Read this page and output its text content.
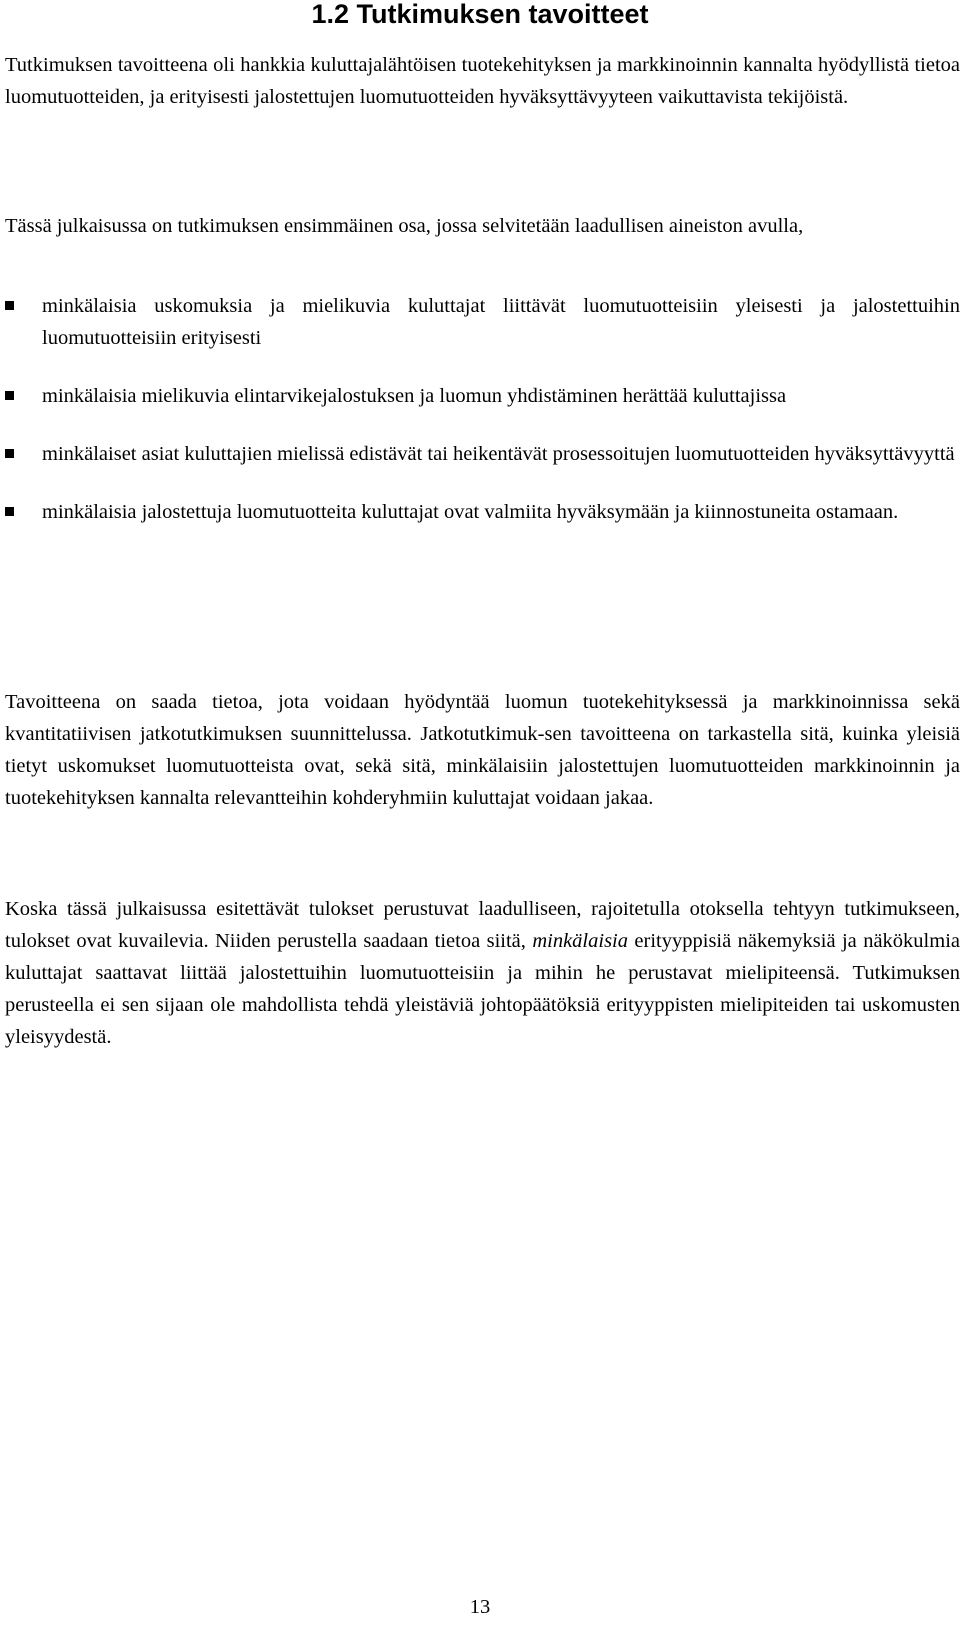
1.2 Tutkimuksen tavoitteet

Tutkimuksen tavoitteena oli hankkia kuluttajalähtöisen tuotekehityksen ja markkinoinnin kannalta hyödyllistä tietoa luomutuotteiden, ja erityisesti jalostettujen luomutuotteiden hyväksyttävyyteen vaikuttavista tekijöistä.

Tässä julkaisussa on tutkimuksen ensimmäinen osa, jossa selvitetään laadullisen aineiston avulla,

minkälaisia uskomuksia ja mielikuvia kuluttajat liittävät luomutuotteisiin yleisesti ja jalostettuihin luomutuotteisiin erityisesti
minkälaisia mielikuvia elintarvikejalostuksen ja luomun yhdistäminen herättää kuluttajissa
minkälaiset asiat kuluttajien mielissä edistävät tai heikentävät prosessoitujen luomutuotteiden hyväksyttävyyttä
minkälaisia jalostettuja luomutuotteita kuluttajat ovat valmiita hyväksymään ja kiinnostuneita ostamaan.

Tavoitteena on saada tietoa, jota voidaan hyödyntää luomun tuotekehityksessä ja markkinoinnissa sekä kvantitatiivisen jatkotutkimuksen suunnittelussa. Jatkotutkimuk-sen tavoitteena on tarkastella sitä, kuinka yleisiä tietyt uskomukset luomutuotteista ovat, sekä sitä, minkälaisiin jalostettujen luomutuotteiden markkinoinnin ja tuotekehityksen kannalta relevantteihin kohderyhmiin kuluttajat voidaan jakaa.

Koska tässä julkaisussa esitettävät tulokset perustuvat laadulliseen, rajoitetulla otoksella tehtyyn tutkimukseen, tulokset ovat kuvailevia. Niiden perustella saadaan tietoa siitä, minkälaisia erityyppisiä näkemyksiä ja näkökulmia kuluttajat saattavat liittää jalostettuihin luomutuotteisiin ja mihin he perustavat mielipiteensä. Tutkimuksen perusteella ei sen sijaan ole mahdollista tehdä yleistäviä johtopäätöksiä erityyppisten mielipiteiden tai uskomusten yleisyydestä.

13
